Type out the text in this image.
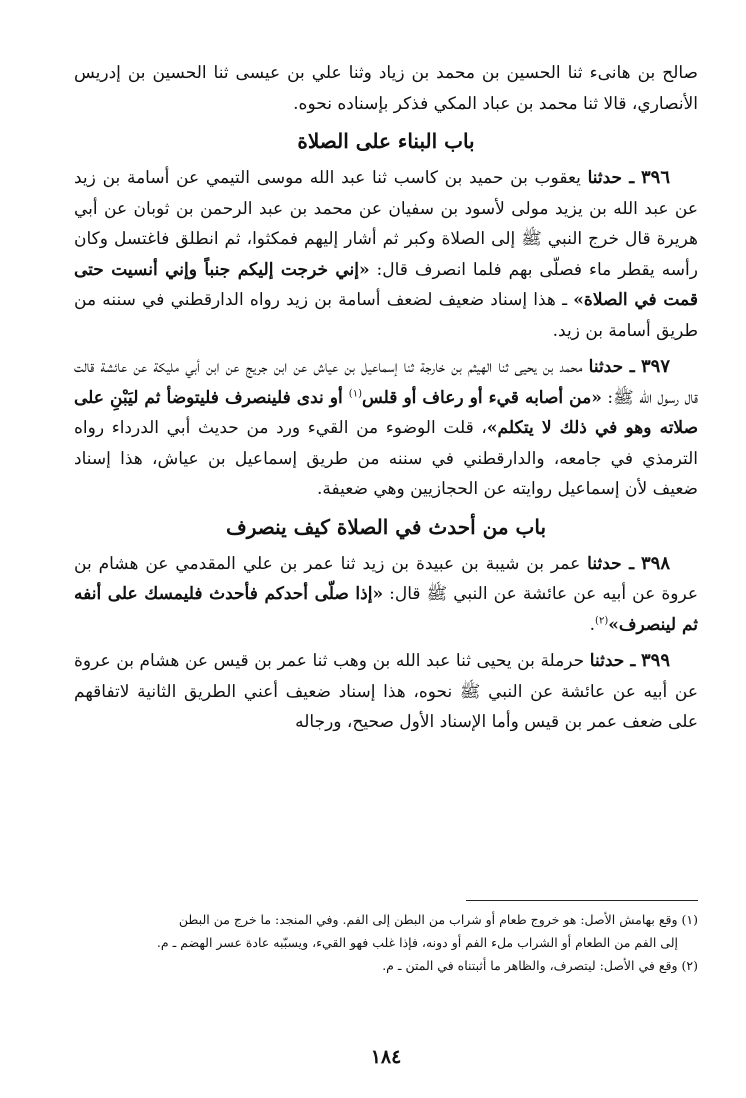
صالح بن هانىء ثنا الحسين بن محمد بن زياد وثنا علي بن عيسى ثنا الحسين بن إدريس الأنصاري، قالا ثنا محمد بن عباد المكي فذكر بإسناده نحوه.

باب البناء على الصلاة

٣٩٦ ـ حدثنا يعقوب بن حميد بن كاسب ثنا عبد الله موسى التيمي عن أسامة بن زيد عن عبد الله بن يزيد مولى لأسود بن سفيان عن محمد بن عبد الرحمن بن ثوبان عن أبي هريرة قال خرج النبي ﷺ إلى الصلاة وكبر ثم أشار إليهم فمكثوا، ثم انطلق فاغتسل وكان رأسه يقطر ماء فصلّى بهم فلما انصرف قال: «إني خرجت إليكم جنباً وإني أنسيت حتى قمت في الصلاة» ـ هذا إسناد ضعيف لضعف أسامة بن زيد رواه الدارقطني في سننه من طريق أسامة بن زيد.

٣٩٧ ـ حدثنا محمد بن يحيى ثنا الهيثم بن خارجة ثنا إسماعيل بن عياش عن ابن جريج عن ابن أبي مليكة عن عائشة قالت قال رسول الله ﷺ: «من أصابه قيء أو رعاف أو قلس$^{(١)}$ أو ندى فلينصرف فليتوضأ ثم ليَبْنِ على صلاته وهو في ذلك لا يتكلم»، قلت الوضوء من القيء ورد من حديث أبي الدرداء رواه الترمذي في جامعه، والدارقطني في سننه من طريق إسماعيل بن عياش، هذا إسناد ضعيف لأن إسماعيل روايته عن الحجازيين وهي ضعيفة.

باب من أحدث في الصلاة كيف ينصرف

٣٩٨ ـ حدثنا عمر بن شيبة بن عبيدة بن زيد ثنا عمر بن علي المقدمي عن هشام بن عروة عن أبيه عن عائشة عن النبي ﷺ قال: «إذا صلّى أحدكم فأحدث فليمسك على أنفه ثم لينصرف»$^{(٢)}$.

٣٩٩ ـ حدثنا حرملة بن يحيى ثنا عبد الله بن وهب ثنا عمر بن قيس عن هشام بن عروة عن أبيه عن عائشة عن النبي ﷺ نحوه، هذا إسناد ضعيف أعني الطريق الثانية لاتفاقهم على ضعف عمر بن قيس وأما الإسناد الأول صحيح، ورجاله

(١) وقع بهامش الأصل: هو خروج طعام أو شراب من البطن إلى الفم. وفي المنجد: ما خرج من البطن

إلى الفم من الطعام أو الشراب ملء الفم أو دونه، فإذا غلب فهو القيء، ويسبّبه عادة عسر الهضم ـ م.

(٢) وقع في الأصل: ليتصرف، والظاهر ما أثبتناه في المتن ـ م.

١٨٤
